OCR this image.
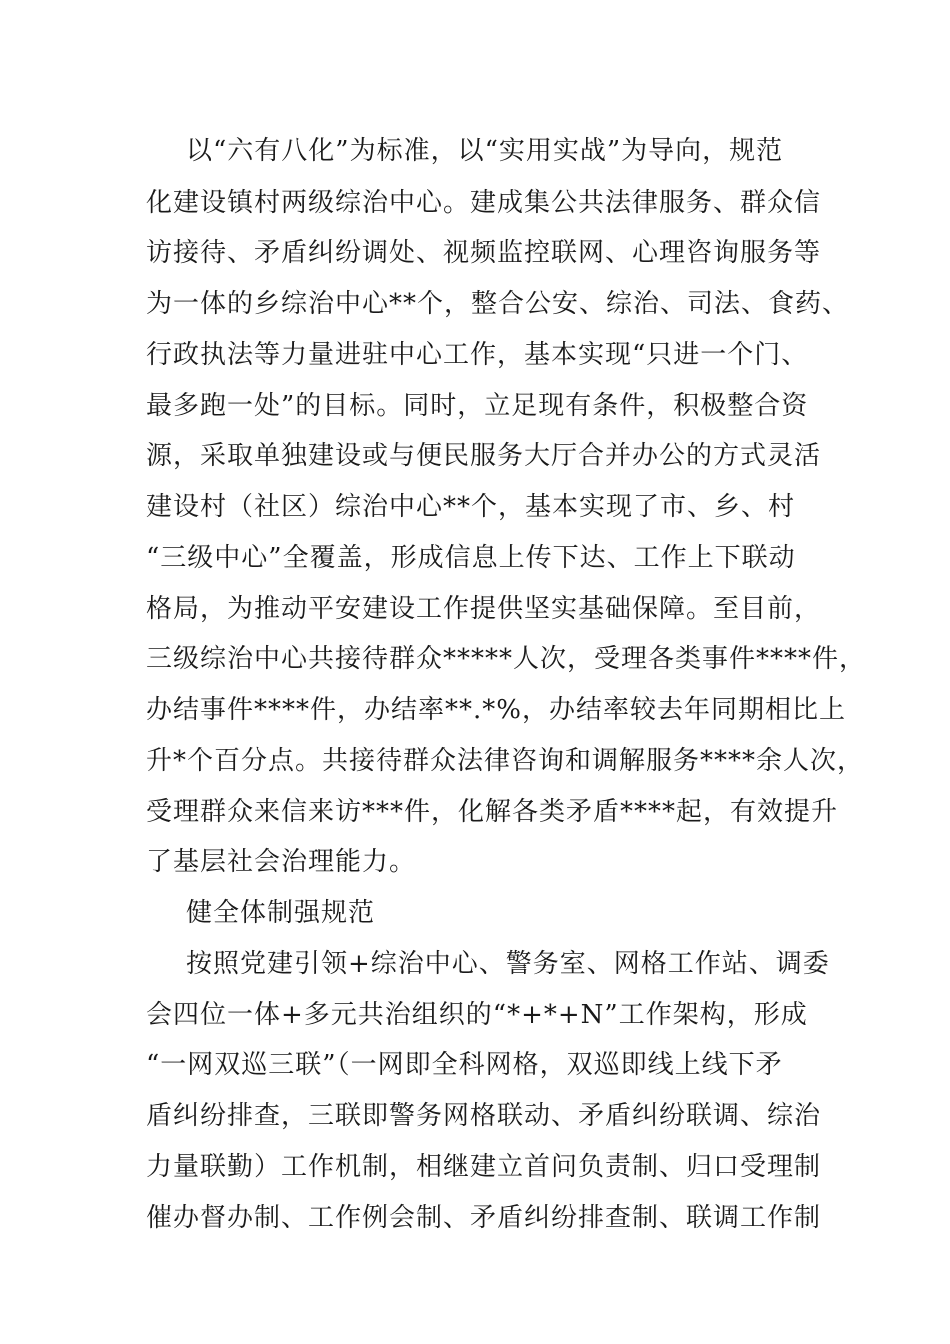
以“六有八化”为标准，以“实用实战”为导向，规范
化建设镇村两级综治中心。建成集公共法律服务、群众信
访接待、矛盾纠纷调处、视频监控联网、心理咨询服务等
为一体的乡综治中心**个，整合公安、综治、司法、食药、
行政执法等力量进驻中心工作，基本实现“只进一个门、
最多跑一处”的目标。同时，立足现有条件，积极整合资
源，采取单独建设或与便民服务大厅合并办公的方式灵活
建设村（社区）综治中心**个，基本实现了市、乡、村
“三级中心”全覆盖，形成信息上传下达、工作上下联动
格局，为推动平安建设工作提供坚实基础保障。至目前，
三级综治中心共接待群众*****人次，受理各类事件****件，
办结事件****件，办结率**.*%，办结率较去年同期相比上
升*个百分点。共接待群众法律咨询和调解服务****余人次，
受理群众来信来访***件，化解各类矛盾****起，有效提升
了基层社会治理能力。
健全体制强规范
按照党建引领+综治中心、警务室、网格工作站、调委
会四位一体+多元共治组织的“*+*+N”工作架构，形成
“一网双巡三联”（一网即全科网格，双巡即线上线下矛
盾纠纷排查，三联即警务网格联动、矛盾纠纷联调、综治
力量联勤）工作机制，相继建立首问负责制、归口受理制
催办督办制、工作例会制、矛盾纠纷排查制、联调工作制
